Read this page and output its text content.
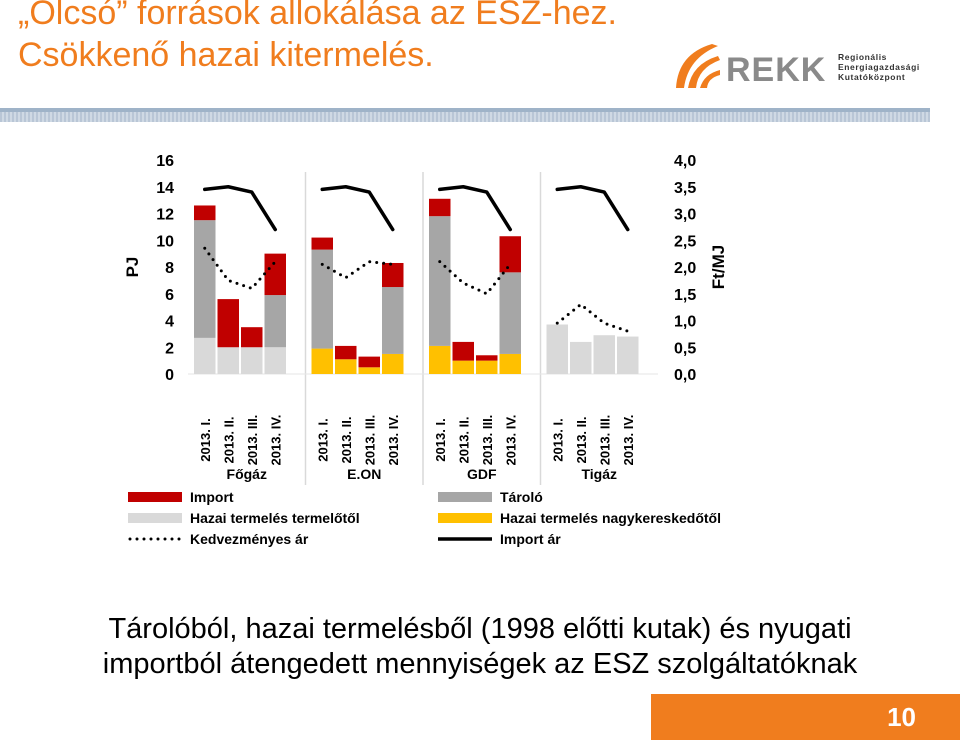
„Olcsó” források allokálása az ESZ-hez. Csökkenő hazai kitermelés.	REKK Regionális
Energiagazdasági
Kutatóközpont
0
2
4
6
8
10
12
14
16
0,0
0,5
1,0
1,5
2,0
2,5
3,0
3,5
4,0
PJ	Ft/MJ
2013. I. 2013. II. 2013. III. 2013. IV.
Főgáz
2013. I. 2013. II. 2013. III. 2013. IV.
E.ON
2013. I. 2013. II. 2013. III. 2013. IV.
GDF
2013. I. 2013. II. 2013. III. 2013. IV.
Tigáz
Import	Tároló
Hazai termelés termelőtől	Hazai termelés nagykereskedőtől
Kedvezményes ár	Import ár
Tárolóból, hazai termelésből (1998 előtti kutak) és nyugati
importból átengedett mennyiségek az ESZ szolgáltatóknak
10
